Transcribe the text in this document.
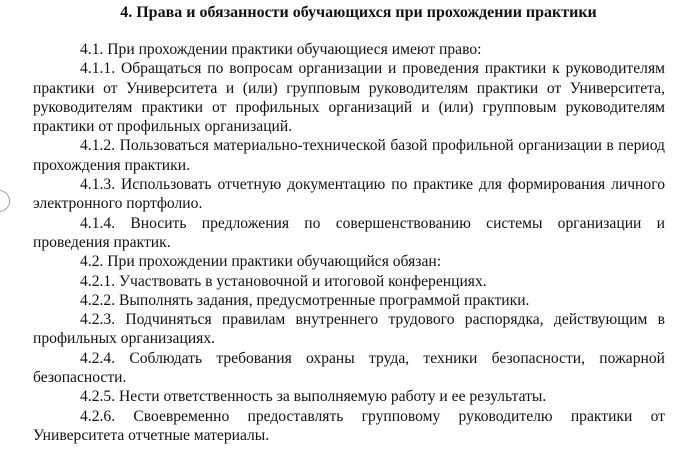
4. Права и обязанности обучающихся при прохождении практики

4.1. При прохождении практики обучающиеся имеют право:

4.1.1. Обращаться по вопросам организации и проведения практики к руководителям практики от Университета и (или) групповым руководителям практики от Университета, руководителям практики от профильных организаций и (или) групповым руководителям практики от профильных организаций.

4.1.2. Пользоваться материально-технической базой профильной организации в период прохождения практики.

4.1.3. Использовать отчетную документацию по практике для формирования личного электронного портфолио.

4.1.4. Вносить предложения по совершенствованию системы организации и проведения практик.

4.2. При прохождении практики обучающийся обязан:

4.2.1. Участвовать в установочной и итоговой конференциях.

4.2.2. Выполнять задания, предусмотренные программой практики.

4.2.3. Подчиняться правилам внутреннего трудового распорядка, действующим в профильных организациях.

4.2.4. Соблюдать требования охраны труда, техники безопасности, пожарной безопасности.

4.2.5. Нести ответственность за выполняемую работу и ее результаты.

4.2.6. Своевременно предоставлять групповому руководителю практики от Университета отчетные материалы.
